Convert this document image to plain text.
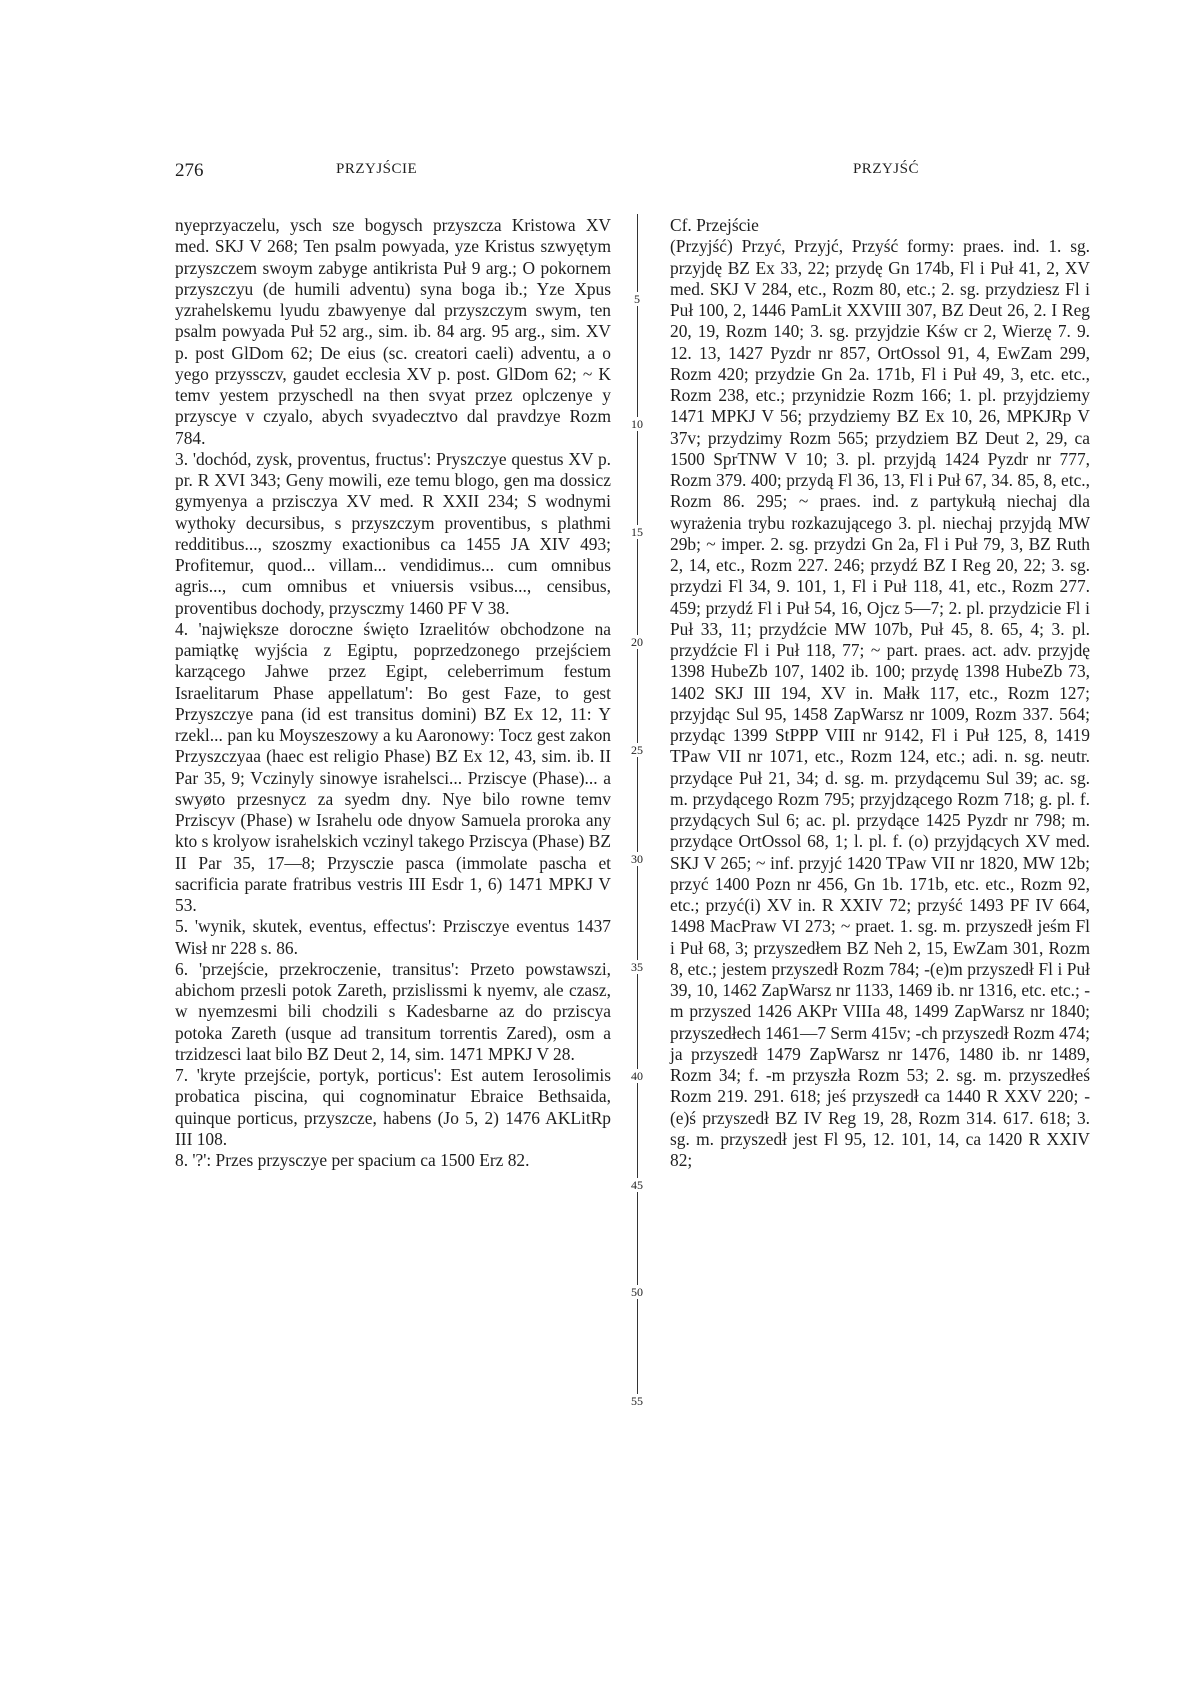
276	PRZYJŚCIE	PRZYJŚĆ

nyeprzyaczelu, ysch sze bogysch przyszcza Kristowa XV med. SKJ V 268; Ten psalm powyada, yze Kristus szwyętym przyszczem swoym zabyge antikrista Puł 9 arg.; O pokornem przyszczyu (de humili adventu) syna boga ib.; Yze Xpus yzrahelskemu lyudu zbawyenye dal przyszczym swym, ten psalm powyada Puł 52 arg., sim. ib. 84 arg. 95 arg., sim. XV p. post GlDom 62; De eius (sc. creatori caeli) adventu, a o yego przyssczv, gaudet ecclesia XV p. post. GlDom 62; ~ K temv yestem przyschedl na then svyat przez oplczenye y przyscyе v czyalo, abych svyadecztvo dal pravdzye Rozm 784.

3. 'dochód, zysk, proventus, fructus': Pryszczye questus XV p. pr. R XVI 343; Geny mowili, eze temu blogo, gen ma dossicz gymyenya a przisczya XV med. R XXII 234; S wodnymi wythoky decursibus, s przyszczym proventibus, s plathmi redditibus..., szoszmy exactionibus ca 1455 JA XIV 493; Profitemur, quod... villam... vendidimus... cum omnibus agris..., cum omnibus et vniuersis vsibus..., censibus, proventibus dochody, przysczmy 1460 PF V 38.

4. 'największe doroczne święto Izraelitów obchodzone na pamiątkę wyjścia z Egiptu, poprzedzonego przejściem karzącego Jahwe przez Egipt, celeberrimum festum Israelitarum Phase appellatum': Bo gest Faze, to gest Przyszczye pana (id est transitus domini) BZ Ex 12, 11: Y rzekl... pan ku Moyszeszowy a ku Aaronowy: Tocz gest zakon Przyszczyaa (haec est religio Phase) BZ Ex 12, 43, sim. ib. II Par 35, 9; Vczinyly sinowye israhelsci... Przisсye (Phase)... a swyøto przesnycz za syedm dny. Nye bilo rowne temv Przisсyv (Phase) w Israhelu ode dnyow Samuela proroka any kto s krolyow israhelskich vczinyl takego Przisсya (Phase) BZ II Par 35, 17—8; Przyscziе pasca (immolate pascha et sacrificia parate fratribus vestris III Esdr 1, 6) 1471 MPKJ V 53.

5. 'wynik, skutek, eventus, effectus': Przisczye eventus 1437 Wisł nr 228 s. 86.

6. 'przejście, przekroczenie, transitus': Przeto powstawszi, abichom przesli potok Zareth, przislissmi k nyemv, ale czasz, w nyemzesmi bili chodzili s Kadesbarne az do przisсya potoka Zareth (usque ad transitum torrentis Zared), osm a trzidzesci laat bilo BZ Deut 2, 14, sim. 1471 MPKJ V 28.

7. 'kryte przejście, portyk, porticus': Est autem Ierosolimis probatica piscina, qui cognominatur Ebraice Bethsaida, quinque porticus, przyszcze, habens (Jo 5, 2) 1476 AKLitRp III 108.

8. '?': Przes przysczye per spacium ca 1500 Erz 82.

5
10
15
20
25
30
35
40
45
50
55

Cf. Przejście

(Przyjść) Przyć, Przyjć, Przyść formy: praes. ind. 1. sg. przyjdę BZ Ex 33, 22; przydę Gn 174b, Fl i Puł 41, 2, XV med. SKJ V 284, etc., Rozm 80, etc.; 2. sg. przydziesz Fl i Puł 100, 2, 1446 PamLit XXVIII 307, BZ Deut 26, 2. I Reg 20, 19, Rozm 140; 3. sg. przyjdzie Kśw cr 2, Wierzę 7. 9. 12. 13, 1427 Pyzdr nr 857, OrtOssol 91, 4, EwZam 299, Rozm 420; przydzie Gn 2a. 171b, Fl i Puł 49, 3, etc. etc., Rozm 238, etc.; przynidzie Rozm 166; 1. pl. przyjdziemy 1471 MPKJ V 56; przydziemy BZ Ex 10, 26, MPKJRp V 37v; przydzimy Rozm 565; przydziem BZ Deut 2, 29, ca 1500 SprTNW V 10; 3. pl. przyjdą 1424 Pyzdr nr 777, Rozm 379. 400; przydą Fl 36, 13, Fl i Puł 67, 34. 85, 8, etc., Rozm 86. 295; ~ praes. ind. z partykułą niechaj dla wyrażenia trybu rozkazującego 3. pl. niechaj przyjdą MW 29b; ~ imper. 2. sg. przydzi Gn 2a, Fl i Puł 79, 3, BZ Ruth 2, 14, etc., Rozm 227. 246; przydź BZ I Reg 20, 22; 3. sg. przydzi Fl 34, 9. 101, 1, Fl i Puł 118, 41, etc., Rozm 277. 459; przydź Fl i Puł 54, 16, Ojcz 5—7; 2. pl. przydzicie Fl i Puł 33, 11; przydźcie MW 107b, Puł 45, 8. 65, 4; 3. pl. przydźcie Fl i Puł 118, 77; ~ part. praes. act. adv. przyjdę 1398 HubeZb 107, 1402 ib. 100; przydę 1398 HubeZb 73, 1402 SKJ III 194, XV in. Małk 117, etc., Rozm 127; przyjdąc Sul 95, 1458 ZapWarsz nr 1009, Rozm 337. 564; przydąc 1399 StPPP VIII nr 9142, Fl i Puł 125, 8, 1419 TPaw VII nr 1071, etc., Rozm 124, etc.; adi. n. sg. neutr. przydące Puł 21, 34; d. sg. m. przydącemu Sul 39; ac. sg. m. przydącego Rozm 795; przyjdzącego Rozm 718; g. pl. f. przydących Sul 6; ac. pl. przydące 1425 Pyzdr nr 798; m. przydące OrtOssol 68, 1; l. pl. f. (o) przyjdących XV med. SKJ V 265; ~ inf. przyjć 1420 TPaw VII nr 1820, MW 12b; przyć 1400 Pozn nr 456, Gn 1b. 171b, etc. etc., Rozm 92, etc.; przyć(i) XV in. R XXIV 72; przyść 1493 PF IV 664, 1498 MacPraw VI 273; ~ praet. 1. sg. m. przyszedł jeśm Fl i Puł 68, 3; przyszedłem BZ Neh 2, 15, EwZam 301, Rozm 8, etc.; jestem przyszedł Rozm 784; -(e)m przyszedł Fl i Puł 39, 10, 1462 ZapWarsz nr 1133, 1469 ib. nr 1316, etc. etc.; -m przyszed 1426 AKPr VIIIa 48, 1499 ZapWarsz nr 1840; przyszedłech 1461—7 Serm 415v; -ch przyszedł Rozm 474; ja przyszedł 1479 ZapWarsz nr 1476, 1480 ib. nr 1489, Rozm 34; f. -m przyszła Rozm 53; 2. sg. m. przyszedłeś Rozm 219. 291. 618; jeś przyszedł ca 1440 R XXV 220; -(e)ś przyszedł BZ IV Reg 19, 28, Rozm 314. 617. 618; 3. sg. m. przyszedł jest Fl 95, 12. 101, 14, ca 1420 R XXIV 82;
